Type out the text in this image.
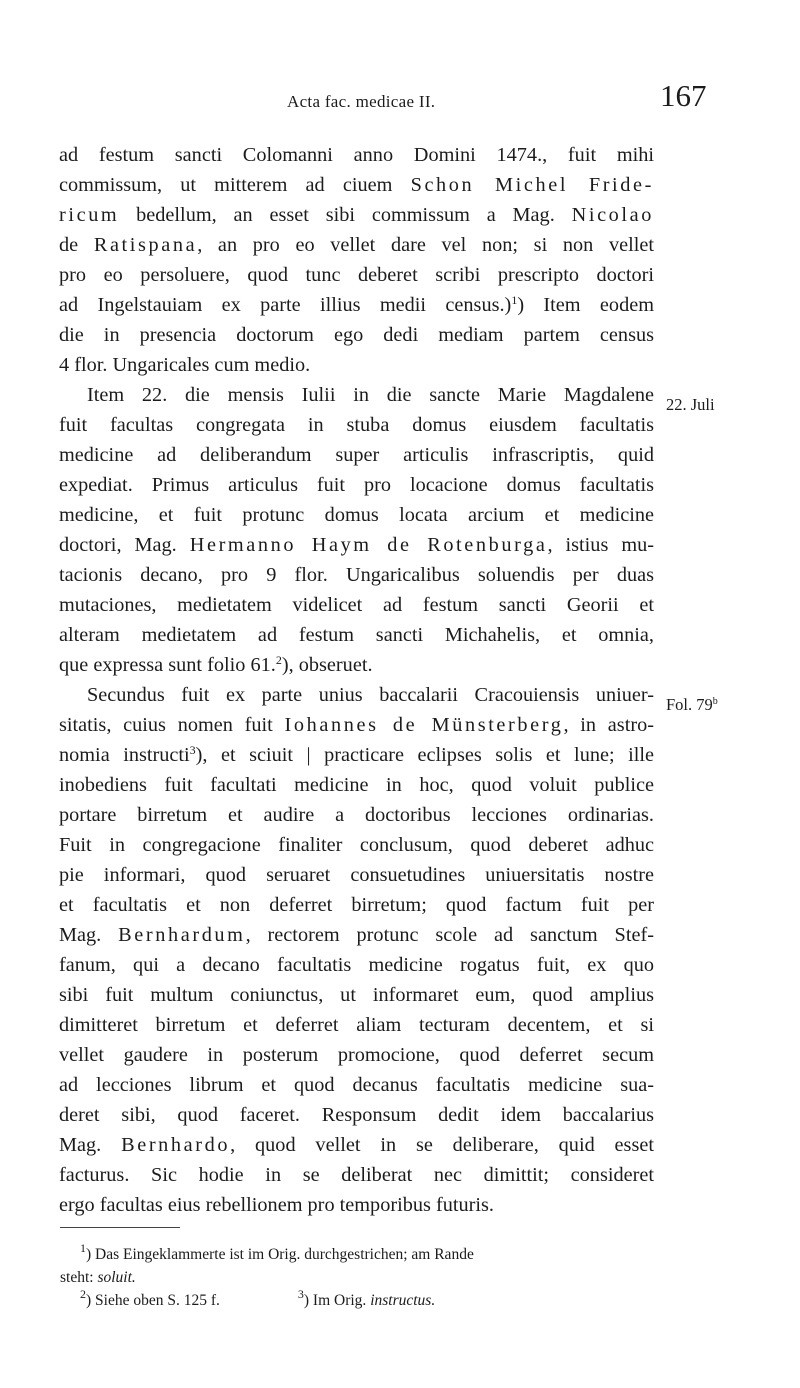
Acta fac. medicae II.	167
ad festum sancti Colomanni anno Domini 1474., fuit mihi
commissum, ut mitterem ad ciuem Schon Michel Fride-
ricum bedellum, an esset sibi commissum a Mag. Nicolao
de Ratispana, an pro eo vellet dare vel non; si non vellet
pro eo persoluere, quod tunc deberet scribi prescripto doctori
ad Ingelstauiam ex parte illius medii census.)$^1$) Item eodem
die in presencia doctorum ego dedi mediam partem census
4 flor. Ungaricales cum medio.
Item 22. die mensis Iulii in die sancte Marie Magdalene
fuit facultas congregata in stuba domus eiusdem facultatis
medicine ad deliberandum super articulis infrascriptis, quid
expediat. Primus articulus fuit pro locacione domus facultatis
medicine, et fuit protunc domus locata arcium et medicine
doctori, Mag. Hermanno Haym de Rotenburga, istius mu-
tacionis decano, pro 9 flor. Ungaricalibus soluendis per duas
mutaciones, medietatem videlicet ad festum sancti Georii et
alteram medietatem ad festum sancti Michahelis, et omnia,
que expressa sunt folio 61.$^2$), obseruet.
Secundus fuit ex parte unius baccalarii Cracouiensis uniuer-
sitatis, cuius nomen fuit Iohannes de Münsterberg, in astro-
nomia instructi$^3$), et sciuit | practicare eclipses solis et lune; ille
inobediens fuit facultati medicine in hoc, quod voluit publice
portare birretum et audire a doctoribus lecciones ordinarias.
Fuit in congregacione finaliter conclusum, quod deberet adhuc
pie informari, quod seruaret consuetudines uniuersitatis nostre
et facultatis et non deferret birretum; quod factum fuit per
Mag. Bernhardum, rectorem protunc scole ad sanctum Stef-
fanum, qui a decano facultatis medicine rogatus fuit, ex quo
sibi fuit multum coniunctus, ut informaret eum, quod amplius
dimitteret birretum et deferret aliam tecturam decentem, et si
vellet gaudere in posterum promocione, quod deferret secum
ad lecciones librum et quod decanus facultatis medicine sua-
deret sibi, quod faceret. Responsum dedit idem baccalarius
Mag. Bernhardo, quod vellet in se deliberare, quid esset
facturus. Sic hodie in se deliberat nec dimittit; consideret
ergo facultas eius rebellionem pro temporibus futuris.
22. Juli
Fol. 79$^b$
$^1$) Das Eingeklammerte ist im Orig. durchgestrichen; am Rande
steht: soluit.
$^2$) Siehe oben S. 125 f.	$^3$) Im Orig. instructus.
